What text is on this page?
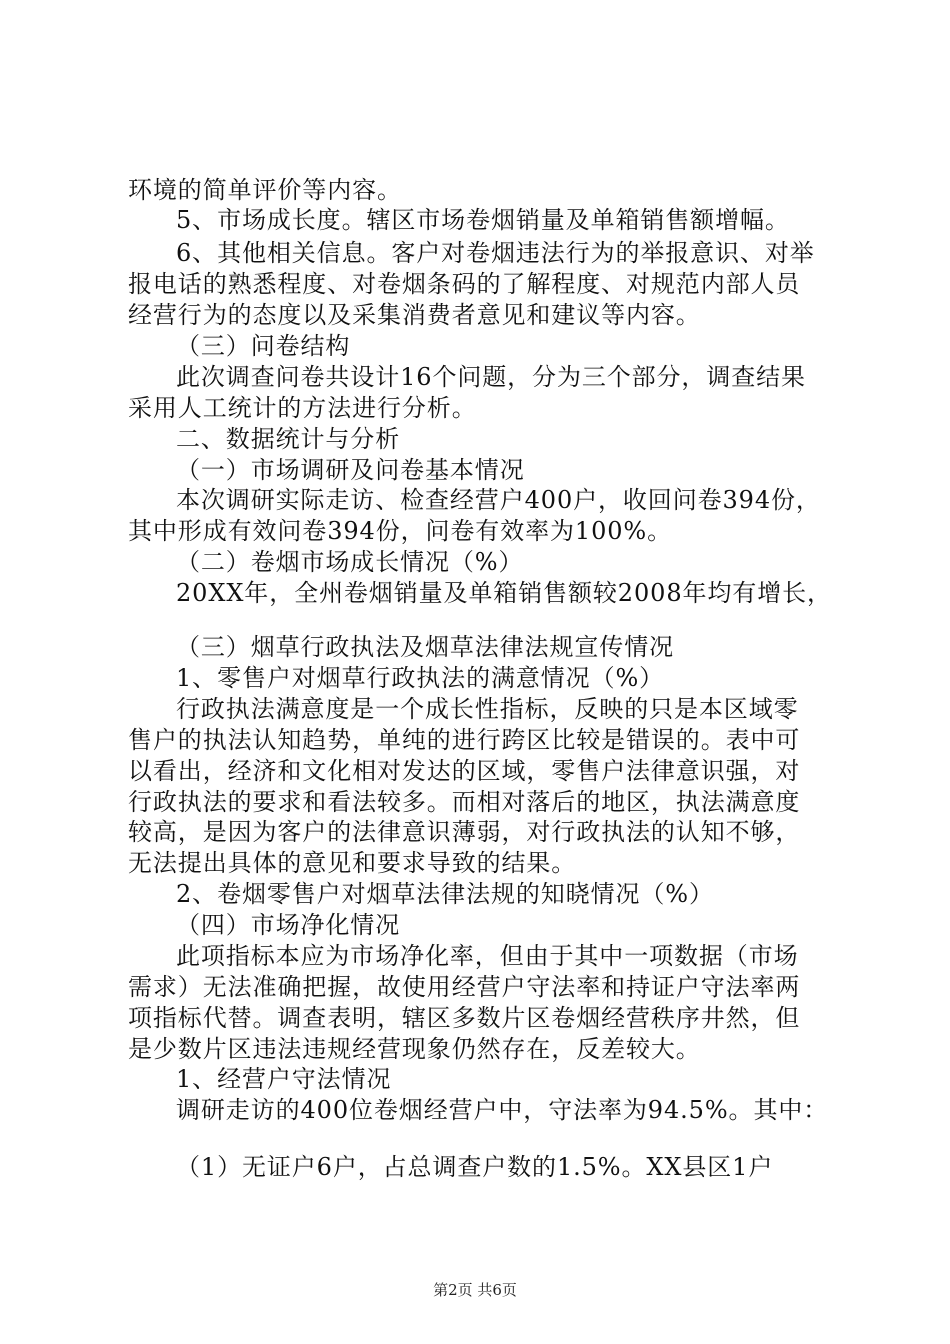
环境的简单评价等内容。
5、市场成长度。辖区市场卷烟销量及单箱销售额增幅。
6、其他相关信息。客户对卷烟违法行为的举报意识、对举
报电话的熟悉程度、对卷烟条码的了解程度、对规范内部人员
经营行为的态度以及采集消费者意见和建议等内容。
（三）问卷结构
此次调查问卷共设计16个问题，分为三个部分，调查结果
采用人工统计的方法进行分析。
二、数据统计与分析
（一）市场调研及问卷基本情况
本次调研实际走访、检查经营户400户，收回问卷394份，
其中形成有效问卷394份，问卷有效率为100%。
（二）卷烟市场成长情况（%）
20XX年，全州卷烟销量及单箱销售额较2008年均有增长，
（三）烟草行政执法及烟草法律法规宣传情况
1、零售户对烟草行政执法的满意情况（%）
行政执法满意度是一个成长性指标，反映的只是本区域零
售户的执法认知趋势，单纯的进行跨区比较是错误的。表中可
以看出，经济和文化相对发达的区域，零售户法律意识强，对
行政执法的要求和看法较多。而相对落后的地区，执法满意度
较高，是因为客户的法律意识薄弱，对行政执法的认知不够，
无法提出具体的意见和要求导致的结果。
2、卷烟零售户对烟草法律法规的知晓情况（%）
（四）市场净化情况
此项指标本应为市场净化率，但由于其中一项数据（市场
需求）无法准确把握，故使用经营户守法率和持证户守法率两
项指标代替。调查表明，辖区多数片区卷烟经营秩序井然，但
是少数片区违法违规经营现象仍然存在，反差较大。
1、经营户守法情况
调研走访的400位卷烟经营户中，守法率为94.5%。其中：
（1）无证户6户，占总调查户数的1.5%。XX县区1户
第2页 共6页
